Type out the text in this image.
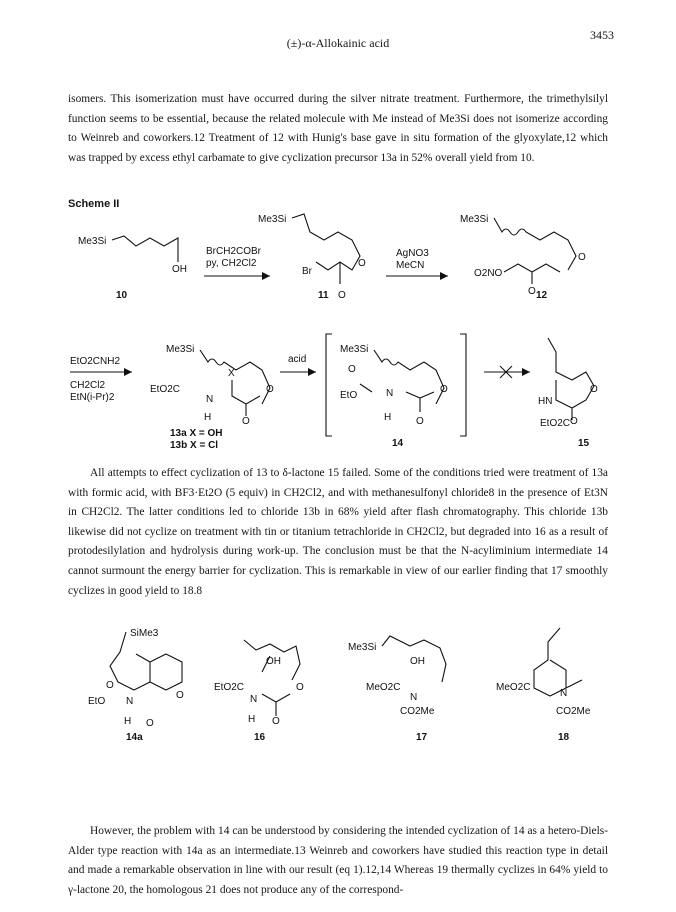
(±)-α-Allokainic acid
3453

isomers. This isomerization must have occurred during the silver nitrate treatment. Furthermore, the trimethylsilyl function seems to be essential, because the related molecule with Me instead of Me3Si does not isomerize according to Weinreb and coworkers.12 Treatment of 12 with Hunig's base gave in situ formation of the glyoxylate,12 which was trapped by excess ethyl carbamate to give cyclization precursor 13a in 52% overall yield from 10.

Scheme II
Me3Si
OH
10
BrCH2COBr
py, CH2Cl2
Me3Si
Br
O
11 O
AgNO3
MeCN
Me3Si
O
O2NO
O 12
EtO2CNH2
CH2Cl2
EtN(i-Pr)2
Me3Si
X
O
EtO2C
N
H	O
13a X = OH
13b X = Cl
acid
Me3Si
O
O
EtO	N
H O
14
O
HN
EtO2C O
15
SiMe3
O
EtO N
H
O
O
14a
OH
EtO2C
N
H
O
O
16
Me3Si
OH
MeO2C
N
CO2Me
17
MeO2C
N
CO2Me
18

All attempts to effect cyclization of 13 to δ-lactone 15 failed. Some of the conditions tried were treatment of 13a with formic acid, with BF3·Et2O (5 equiv) in CH2Cl2, and with methanesulfonyl chloride8 in the presence of Et3N in CH2Cl2. The latter conditions led to chloride 13b in 68% yield after flash chromatography. This chloride 13b likewise did not cyclize on treatment with tin or titanium tetrachloride in CH2Cl2, but degraded into 16 as a result of protodesilylation and hydrolysis during work-up. The conclusion must be that the N-acyliminium intermediate 14 cannot surmount the energy barrier for cyclization. This is remarkable in view of our earlier finding that 17 smoothly cyclizes in good yield to 18.8

However, the problem with 14 can be understood by considering the intended cyclization of 14 as a hetero-Diels-Alder type reaction with 14a as an intermediate.13 Weinreb and coworkers have studied this reaction type in detail and made a remarkable observation in line with our result (eq 1).12,14 Whereas 19 thermally cyclizes in 64% yield to γ-lactone 20, the homologous 21 does not produce any of the correspond-
